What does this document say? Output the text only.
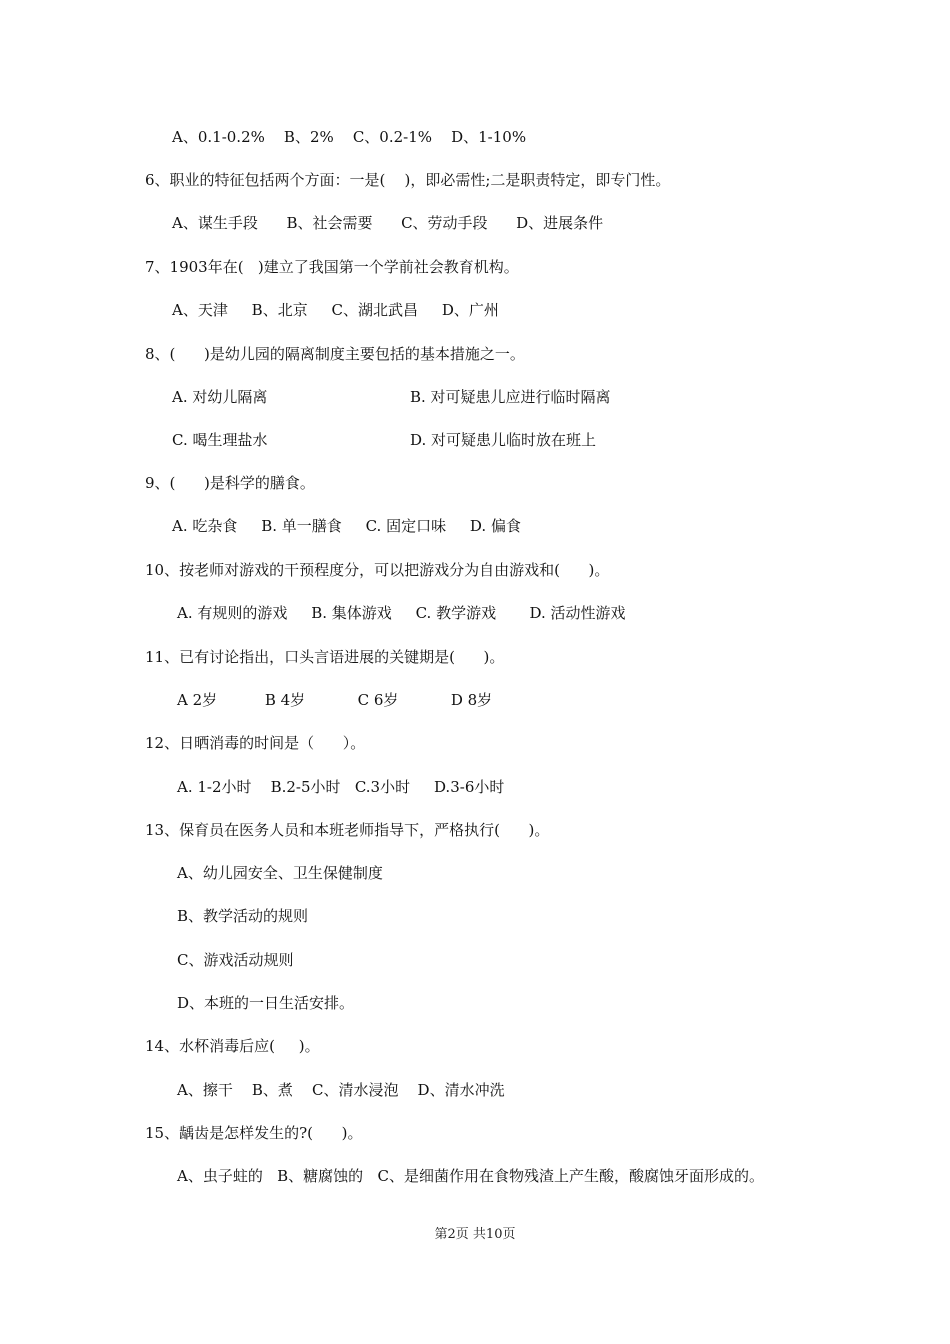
A、0.1-0.2%    B、2%    C、0.2-1%    D、1-10%
6、职业的特征包括两个方面：一是(    )，即必需性;二是职责特定，即专门性。
A、谋生手段      B、社会需要      C、劳动手段      D、进展条件
7、1903年在(   )建立了我国第一个学前社会教育机构。
A、天津     B、北京     C、湖北武昌     D、广州
8、(      )是幼儿园的隔离制度主要包括的基本措施之一。
A. 对幼儿隔离	B. 对可疑患儿应进行临时隔离
C. 喝生理盐水	D. 对可疑患儿临时放在班上
9、(      )是科学的膳食。
A. 吃杂食     B. 单一膳食     C. 固定口味     D. 偏食
10、按老师对游戏的干预程度分，可以把游戏分为自由游戏和(      )。
A. 有规则的游戏     B. 集体游戏     C. 教学游戏       D. 活动性游戏
11、已有讨论指出，口头言语进展的关键期是(      )。
A 2岁          B 4岁           C 6岁           D 8岁
12、日晒消毒的时间是（      ）。
A. 1-2小时    B.2-5小时   C.3小时     D.3-6小时
13、保育员在医务人员和本班老师指导下，严格执行(      )。
A、幼儿园安全、卫生保健制度
B、教学活动的规则
C、游戏活动规则
D、本班的一日生活安排。
14、水杯消毒后应(     )。
A、擦干    B、煮    C、清水浸泡    D、清水冲洗
15、龋齿是怎样发生的?(      )。
A、虫子蛀的   B、糖腐蚀的   C、是细菌作用在食物残渣上产生酸，酸腐蚀牙面形成的。
第2页 共10页
